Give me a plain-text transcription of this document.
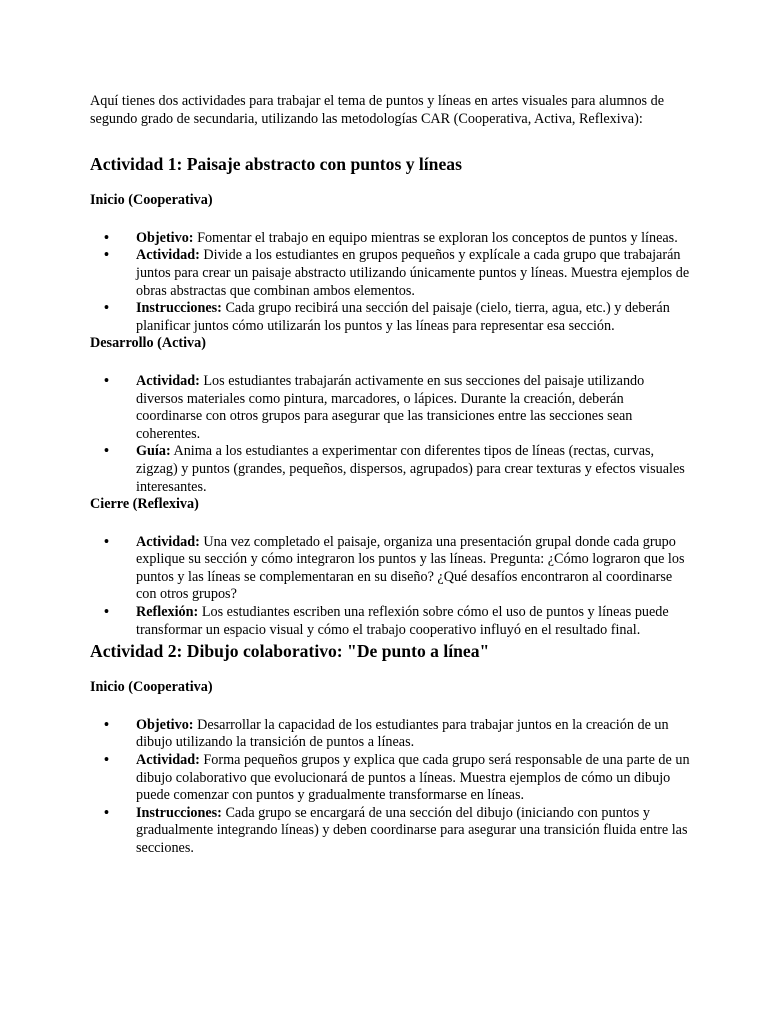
Aquí tienes dos actividades para trabajar el tema de puntos y líneas en artes visuales para alumnos de segundo grado de secundaria, utilizando las metodologías CAR (Cooperativa, Activa, Reflexiva):

Actividad 1: Paisaje abstracto con puntos y líneas
Inicio (Cooperativa)
• Objetivo: Fomentar el trabajo en equipo mientras se exploran los conceptos de puntos y líneas.
• Actividad: Divide a los estudiantes en grupos pequeños y explícale a cada grupo que trabajarán juntos para crear un paisaje abstracto utilizando únicamente puntos y líneas. Muestra ejemplos de obras abstractas que combinan ambos elementos.
• Instrucciones: Cada grupo recibirá una sección del paisaje (cielo, tierra, agua, etc.) y deberán planificar juntos cómo utilizarán los puntos y las líneas para representar esa sección.
Desarrollo (Activa)
• Actividad: Los estudiantes trabajarán activamente en sus secciones del paisaje utilizando diversos materiales como pintura, marcadores, o lápices. Durante la creación, deberán coordinarse con otros grupos para asegurar que las transiciones entre las secciones sean coherentes.
• Guía: Anima a los estudiantes a experimentar con diferentes tipos de líneas (rectas, curvas, zigzag) y puntos (grandes, pequeños, dispersos, agrupados) para crear texturas y efectos visuales interesantes.
Cierre (Reflexiva)
• Actividad: Una vez completado el paisaje, organiza una presentación grupal donde cada grupo explique su sección y cómo integraron los puntos y las líneas. Pregunta: ¿Cómo lograron que los puntos y las líneas se complementaran en su diseño? ¿Qué desafíos encontraron al coordinarse con otros grupos?
• Reflexión: Los estudiantes escriben una reflexión sobre cómo el uso de puntos y líneas puede transformar un espacio visual y cómo el trabajo cooperativo influyó en el resultado final.
Actividad 2: Dibujo colaborativo: "De punto a línea"
Inicio (Cooperativa)
• Objetivo: Desarrollar la capacidad de los estudiantes para trabajar juntos en la creación de un dibujo utilizando la transición de puntos a líneas.
• Actividad: Forma pequeños grupos y explica que cada grupo será responsable de una parte de un dibujo colaborativo que evolucionará de puntos a líneas. Muestra ejemplos de cómo un dibujo puede comenzar con puntos y gradualmente transformarse en líneas.
• Instrucciones: Cada grupo se encargará de una sección del dibujo (iniciando con puntos y gradualmente integrando líneas) y deben coordinarse para asegurar una transición fluida entre las secciones.
